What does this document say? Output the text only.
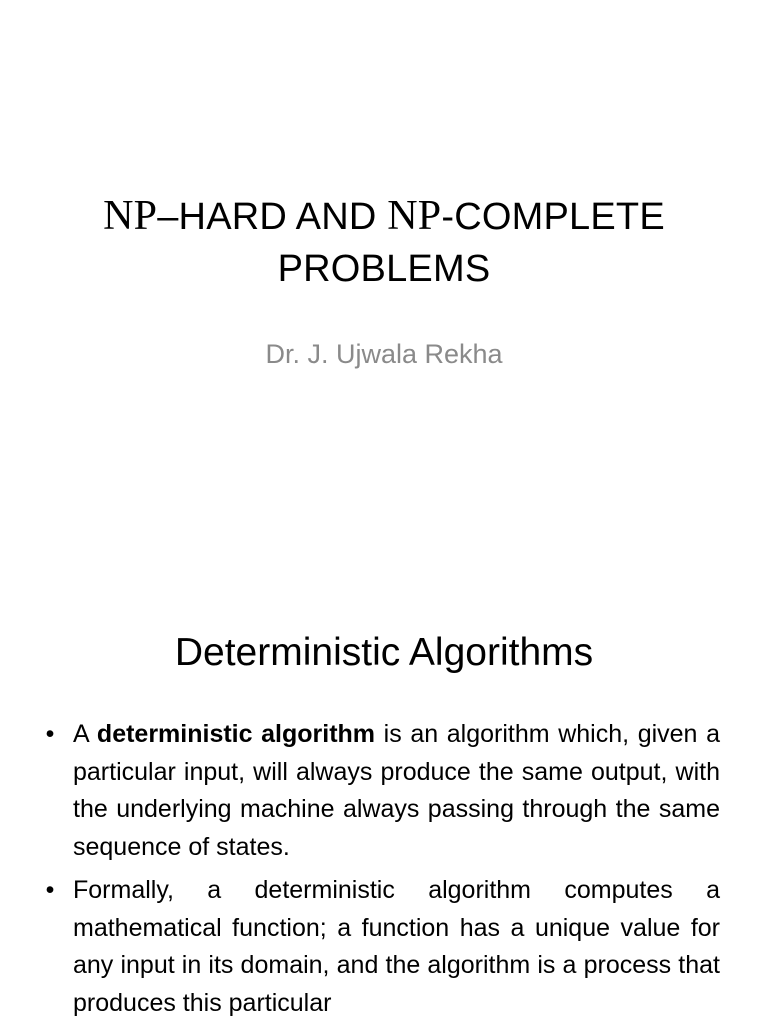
NP–HARD AND NP-COMPLETE
PROBLEMS
Dr. J. Ujwala Rekha
Deterministic Algorithms
• A deterministic algorithm is an algorithm which, given a particular input, will always produce the same output, with the underlying machine always passing through the same sequence of states.
• Formally, a deterministic algorithm computes a mathematical function; a function has a unique value for any input in its domain, and the algorithm is a process that produces this particular
